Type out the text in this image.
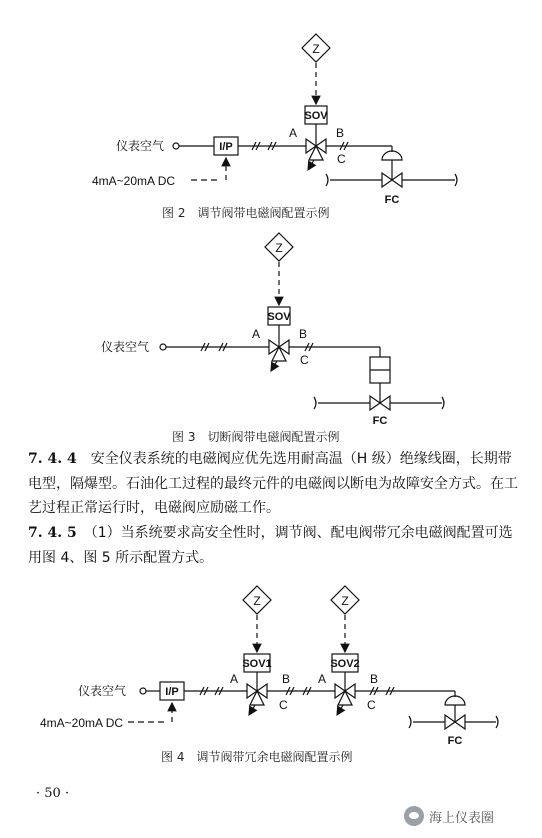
Z
SOV
仪表空气	I/P
4mA~20mA DC
A	B
C
FC
Z
SOV
仪表空气
A	B
C
FC
Z	Z
SOV1	SOV2
仪表空气	I/P
4mA~20mA DC
A	B
C
A	B
C
FC
图 2　调节阀带电磁阀配置示例
图 3　切断阀带电磁阀配置示例

7. 4. 4　 安全仪表系统的电磁阀应优先选用耐高温（H 级）绝缘线圈，长期带电型，隔爆型。石油化工过程的最终元件的电磁阀以断电为故障安全方式。在工艺过程正常运行时，电磁阀应励磁工作。

7. 4. 5　 （1）当系统要求高安全性时，调节阀、配电阀带冗余电磁阀配置可选用图 4、图 5 所示配置方式。

图 4　调节阀带冗余电磁阀配置示例
· 50 ·
海上仪表圈
